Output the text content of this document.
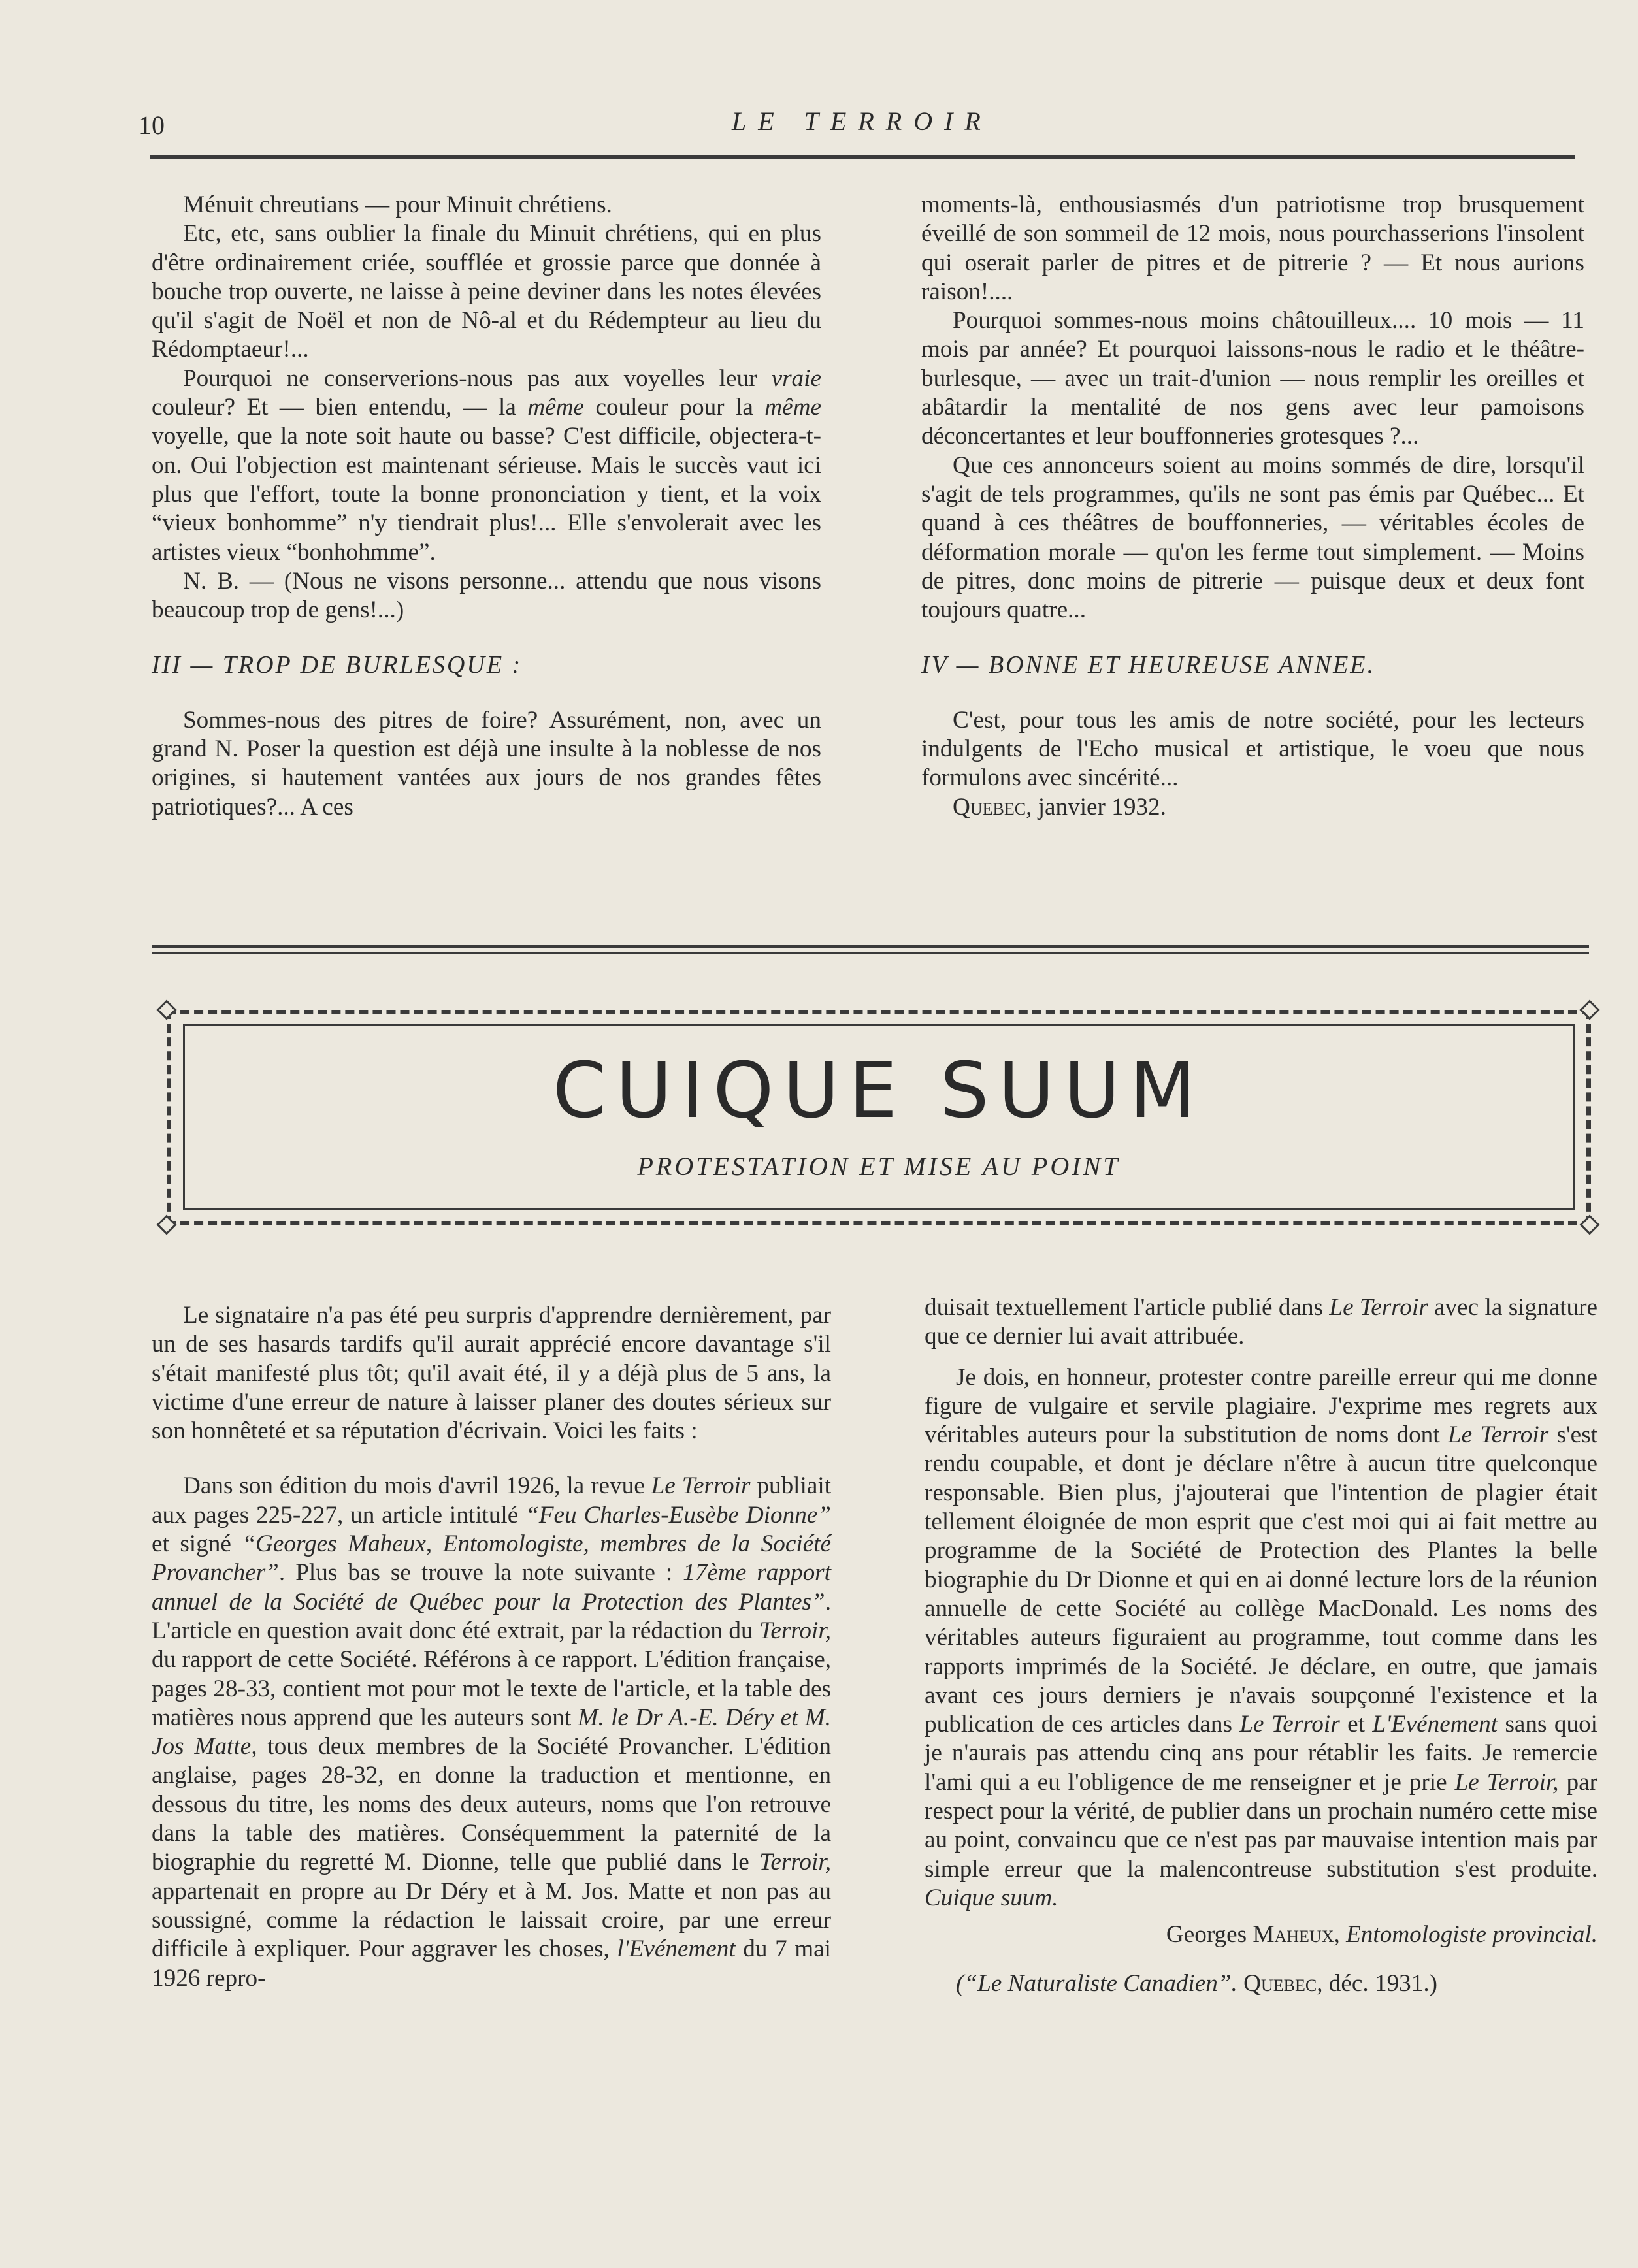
10	LE TERROIR

Ménuit chreutians — pour Minuit chrétiens.

Etc, etc, sans oublier la finale du Minuit chrétiens, qui en plus d'être ordinairement criée, soufflée et grossie parce que donnée à bouche trop ouverte, ne laisse à peine deviner dans les notes élevées qu'il s'agit de Noël et non de Nô-al et du Rédempteur au lieu du Rédomptaeur!...

Pourquoi ne conserverions-nous pas aux voyelles leur vraie couleur? Et — bien entendu, — la même couleur pour la même voyelle, que la note soit haute ou basse? C'est difficile, objectera-t-on. Oui l'objection est maintenant sérieuse. Mais le succès vaut ici plus que l'effort, toute la bonne prononciation y tient, et la voix “vieux bonhomme” n'y tiendrait plus!... Elle s'envolerait avec les artistes vieux “bonhohmme”.

N. B. — (Nous ne visons personne... attendu que nous visons beaucoup trop de gens!...)

III — TROP DE BURLESQUE :

Sommes-nous des pitres de foire? Assurément, non, avec un grand N. Poser la question est déjà une insulte à la noblesse de nos origines, si hautement vantées aux jours de nos grandes fêtes patriotiques?... A ces

moments-là, enthousiasmés d'un patriotisme trop brusquement éveillé de son sommeil de 12 mois, nous pourchasserions l'insolent qui oserait parler de pitres et de pitrerie ? — Et nous aurions raison!....

Pourquoi sommes-nous moins châtouilleux.... 10 mois — 11 mois par année? Et pourquoi laissons-nous le radio et le théâtre-burlesque, — avec un trait-d'union — nous remplir les oreilles et abâtardir la mentalité de nos gens avec leur pamoisons déconcertantes et leur bouffonneries grotesques ?...

Que ces annonceurs soient au moins sommés de dire, lorsqu'il s'agit de tels programmes, qu'ils ne sont pas émis par Québec... Et quand à ces théâtres de bouffonneries, — véritables écoles de déformation morale — qu'on les ferme tout simplement. — Moins de pitres, donc moins de pitrerie — puisque deux et deux font toujours quatre...

IV — BONNE ET HEUREUSE ANNEE.

C'est, pour tous les amis de notre société, pour les lecteurs indulgents de l'Echo musical et artistique, le voeu que nous formulons avec sincérité...

Quebec, janvier 1932.

CUIQUE SUUM
PROTESTATION ET MISE AU POINT

Le signataire n'a pas été peu surpris d'apprendre dernièrement, par un de ses hasards tardifs qu'il aurait apprécié encore davantage s'il s'était manifesté plus tôt; qu'il avait été, il y a déjà plus de 5 ans, la victime d'une erreur de nature à laisser planer des doutes sérieux sur son honnêteté et sa réputation d'écrivain. Voici les faits :

Dans son édition du mois d'avril 1926, la revue Le Terroir publiait aux pages 225-227, un article intitulé “Feu Charles-Eusèbe Dionne” et signé “Georges Maheux, Entomologiste, membres de la Société Provancher”. Plus bas se trouve la note suivante : 17ème rapport annuel de la Société de Québec pour la Protection des Plantes”. L'article en question avait donc été extrait, par la rédaction du Terroir, du rapport de cette Société. Référons à ce rapport. L'édition française, pages 28-33, contient mot pour mot le texte de l'article, et la table des matières nous apprend que les auteurs sont M. le Dr A.-E. Déry et M. Jos Matte, tous deux membres de la Société Provancher. L'édition anglaise, pages 28-32, en donne la traduction et mentionne, en dessous du titre, les noms des deux auteurs, noms que l'on retrouve dans la table des matières. Conséquemment la paternité de la biographie du regretté M. Dionne, telle que publié dans le Terroir, appartenait en propre au Dr Déry et à M. Jos. Matte et non pas au soussigné, comme la rédaction le laissait croire, par une erreur difficile à expliquer. Pour aggraver les choses, l'Evénement du 7 mai 1926 repro-

duisait textuellement l'article publié dans Le Terroir avec la signature que ce dernier lui avait attribuée.

Je dois, en honneur, protester contre pareille erreur qui me donne figure de vulgaire et servile plagiaire. J'exprime mes regrets aux véritables auteurs pour la substitution de noms dont Le Terroir s'est rendu coupable, et dont je déclare n'être à aucun titre quelconque responsable. Bien plus, j'ajouterai que l'intention de plagier était tellement éloignée de mon esprit que c'est moi qui ai fait mettre au programme de la Société de Protection des Plantes la belle biographie du Dr Dionne et qui en ai donné lecture lors de la réunion annuelle de cette Société au collège MacDonald. Les noms des véritables auteurs figuraient au programme, tout comme dans les rapports imprimés de la Société. Je déclare, en outre, que jamais avant ces jours derniers je n'avais soupçonné l'existence et la publication de ces articles dans Le Terroir et L'Evénement sans quoi je n'aurais pas attendu cinq ans pour rétablir les faits. Je remercie l'ami qui a eu l'obligence de me renseigner et je prie Le Terroir, par respect pour la vérité, de publier dans un prochain numéro cette mise au point, convaincu que ce n'est pas par mauvaise intention mais par simple erreur que la malencontreuse substitution s'est produite. Cuique suum.

Georges Maheux, Entomologiste provincial.

(“Le Naturaliste Canadien”. Quebec, déc. 1931.)
